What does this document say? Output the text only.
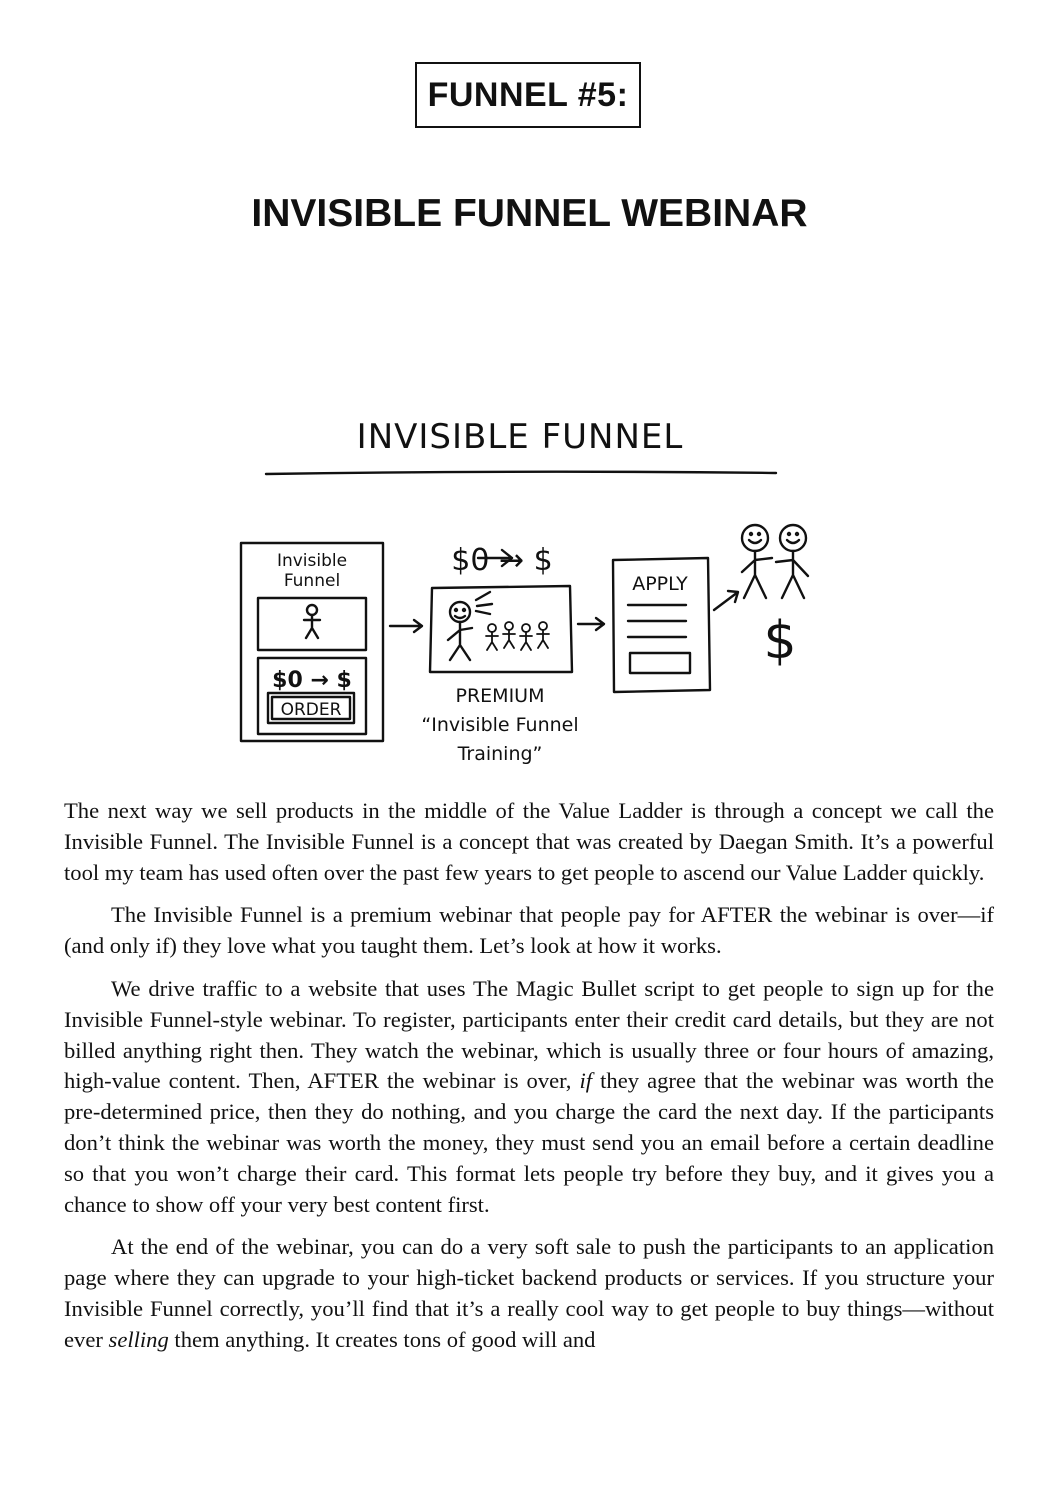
FUNNEL #5:
INVISIBLE FUNNEL WEBINAR
INVISIBLE FUNNEL
Invisible
Funnel
$0 → $
ORDER
$0 → $
PREMIUM
“Invisible Funnel
Training”
APPLY
$

The next way we sell products in the middle of the Value Ladder is through a concept we call the Invisible Funnel. The Invisible Funnel is a concept that was created by Daegan Smith. It’s a powerful tool my team has used often over the past few years to get people to ascend our Value Ladder quickly.

The Invisible Funnel is a premium webinar that people pay for AFTER the webinar is over—if (and only if) they love what you taught them. Let’s look at how it works.

We drive traffic to a website that uses The Magic Bullet script to get people to sign up for the Invisible Funnel-style webinar. To register, participants enter their credit card details, but they are not billed anything right then. They watch the webinar, which is usually three or four hours of amazing, high-value content. Then, AFTER the webinar is over, if they agree that the webinar was worth the pre-determined price, then they do nothing, and you charge the card the next day. If the participants don’t think the webinar was worth the money, they must send you an email before a certain deadline so that you won’t charge their card. This format lets people try before they buy, and it gives you a chance to show off your very best content first.

At the end of the webinar, you can do a very soft sale to push the participants to an application page where they can upgrade to your high-ticket backend products or services. If you structure your Invisible Funnel correctly, you’ll find that it’s a really cool way to get people to buy things—without ever selling them anything. It creates tons of good will and
